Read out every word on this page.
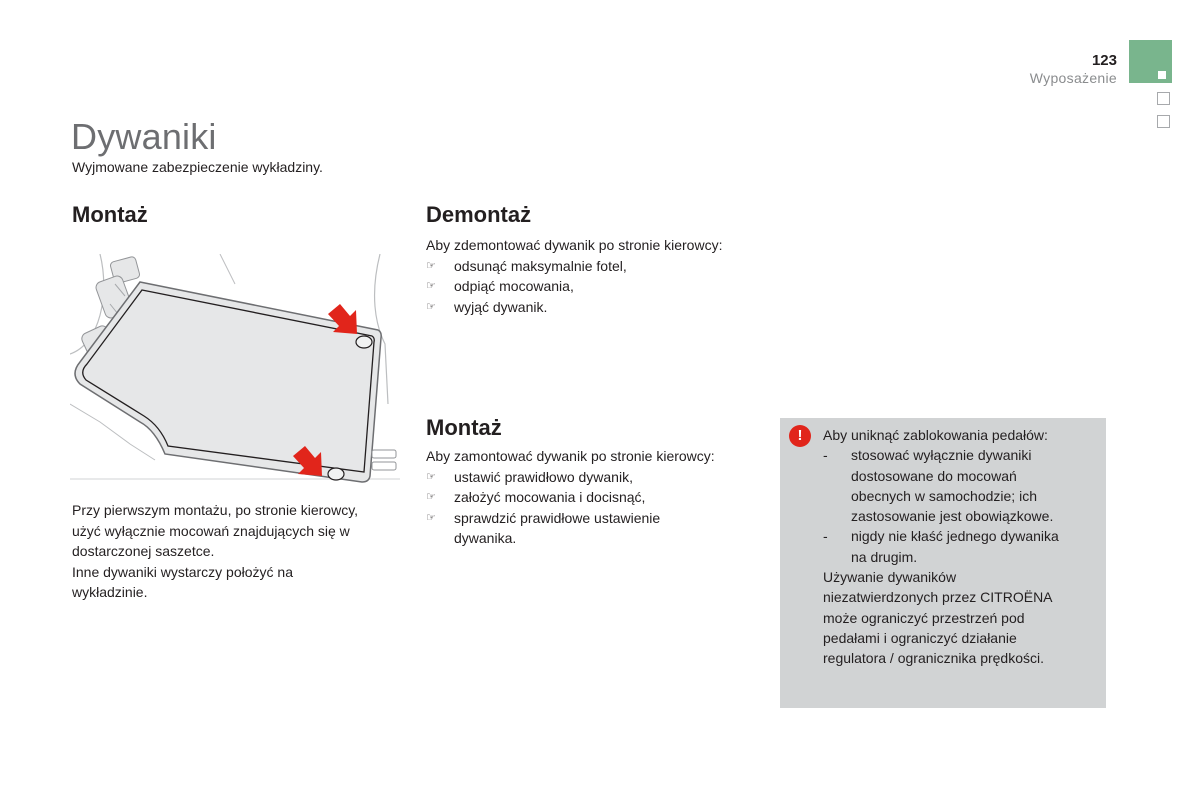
123
Wyposażenie
Dywaniki
Wyjmowane zabezpieczenie wykładziny.
Montaż
Przy pierwszym montażu, po stronie kierowcy,
użyć wyłącznie mocowań znajdujących się w
dostarczonej saszetce.
Inne dywaniki wystarczy położyć na
wykładzinie.
Demontaż
Aby zdemontować dywanik po stronie kierowcy:
☞ odsunąć maksymalnie fotel,
☞ odpiąć mocowania,
☞ wyjąć dywanik.
Montaż
Aby zamontować dywanik po stronie kierowcy:
☞ ustawić prawidłowo dywanik,
☞ założyć mocowania i docisnąć,
☞ sprawdzić prawidłowe ustawienie
dywanika.
!	Aby uniknąć zablokowania pedałów:
- stosować wyłącznie dywaniki
dostosowane do mocowań
obecnych w samochodzie; ich
zastosowanie jest obowiązkowe.
- nigdy nie kłaść jednego dywanika
na drugim.
Używanie dywaników
niezatwierdzonych przez CITROËNA
może ograniczyć przestrzeń pod
pedałami i ograniczyć działanie
regulatora / ogranicznika prędkości.
